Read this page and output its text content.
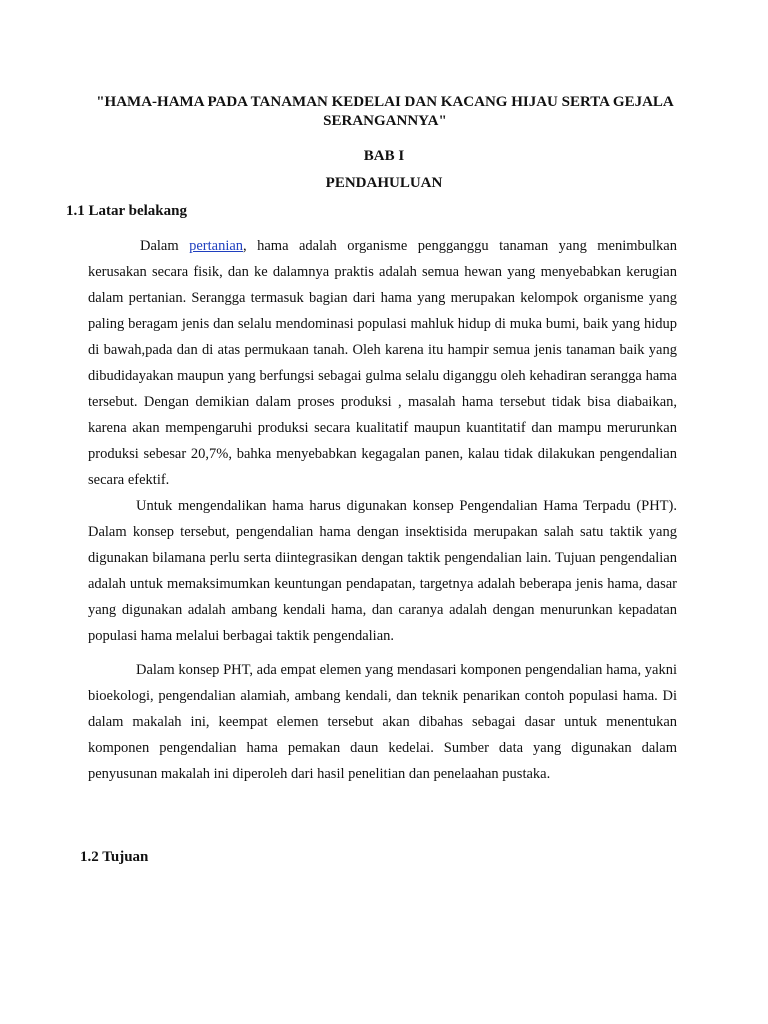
"HAMA-HAMA PADA TANAMAN KEDELAI DAN KACANG HIJAU SERTA GEJALA SERANGANNYA"
BAB I
PENDAHULUAN
1.1 Latar belakang

Dalam pertanian, hama adalah organisme pengganggu tanaman yang menimbulkan kerusakan secara fisik, dan ke dalamnya praktis adalah semua hewan yang menyebabkan kerugian dalam pertanian. Serangga termasuk bagian dari hama yang merupakan kelompok organisme yang paling beragam jenis dan selalu mendominasi populasi mahluk hidup di muka bumi, baik yang hidup di bawah,pada dan di atas permukaan tanah. Oleh karena itu hampir semua jenis tanaman baik yang dibudidayakan maupun yang berfungsi sebagai gulma selalu diganggu oleh kehadiran serangga hama tersebut. Dengan demikian dalam proses produksi , masalah hama tersebut tidak bisa diabaikan, karena akan mempengaruhi produksi secara kualitatif maupun kuantitatif dan mampu merurunkan produksi sebesar 20,7%, bahka menyebabkan kegagalan panen, kalau tidak dilakukan pengendalian secara efektif.

Untuk mengendalikan hama harus digunakan konsep Pengendalian Hama Terpadu (PHT). Dalam konsep tersebut, pengendalian hama dengan insektisida merupakan salah satu taktik yang digunakan bilamana perlu serta diintegrasikan dengan taktik pengendalian lain. Tujuan pengendalian adalah untuk memaksimumkan keuntungan pendapatan, targetnya adalah beberapa jenis hama, dasar yang digunakan adalah ambang kendali hama, dan caranya adalah dengan menurunkan kepadatan populasi hama melalui berbagai taktik pengendalian.

Dalam konsep PHT, ada empat elemen yang mendasari komponen pengendalian hama, yakni bioekologi, pengendalian alamiah, ambang kendali, dan teknik penarikan contoh populasi hama. Di dalam makalah ini, keempat elemen tersebut akan dibahas sebagai dasar untuk menentukan komponen pengendalian hama pemakan daun kedelai. Sumber data yang digunakan dalam penyusunan makalah ini diperoleh dari hasil penelitian dan penelaahan pustaka.

1.2 Tujuan
